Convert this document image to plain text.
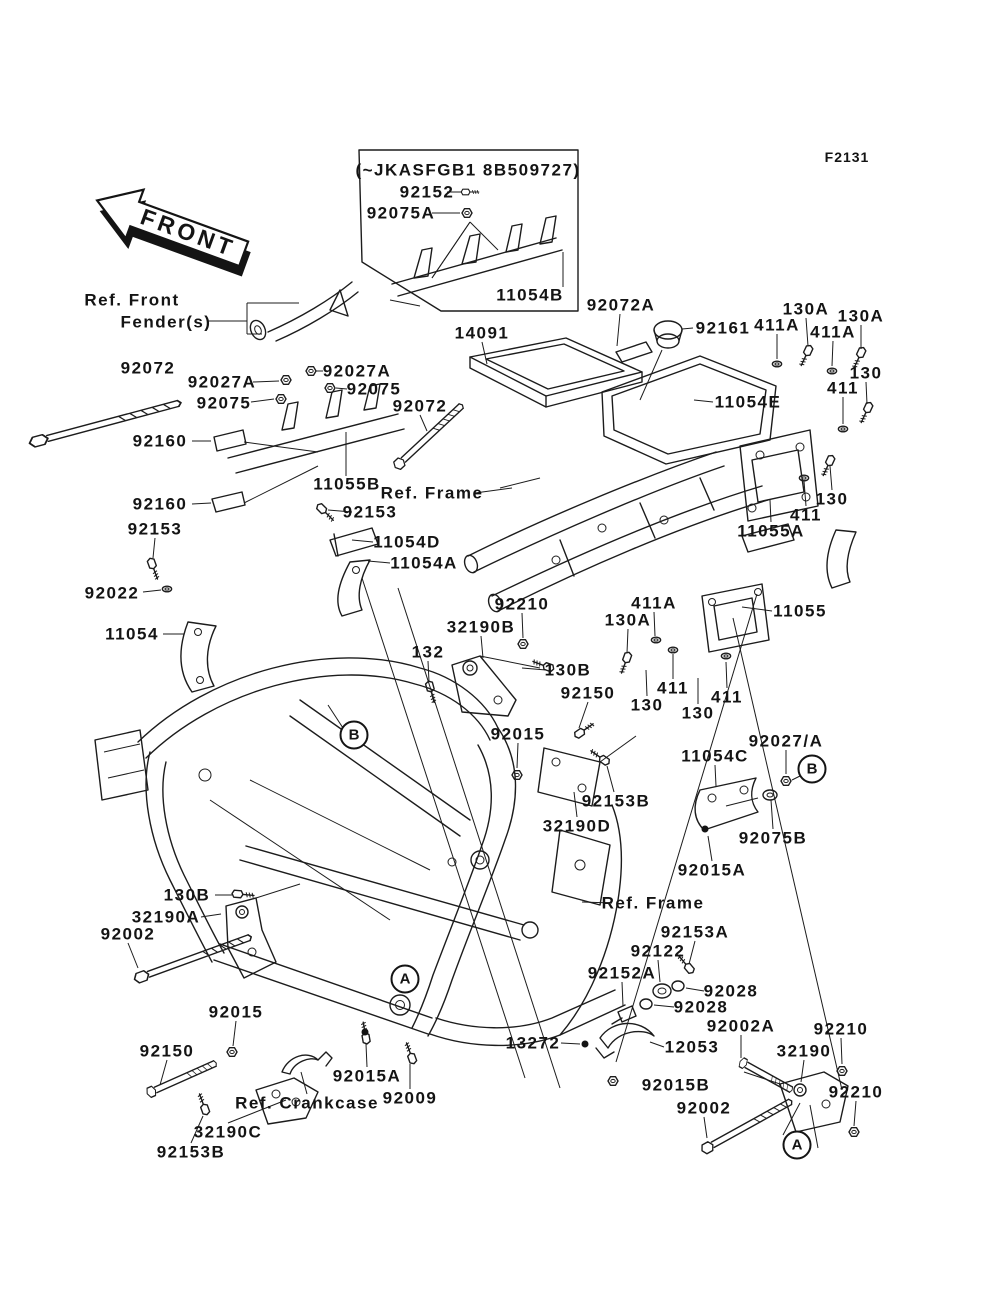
FRONT
(~JKASFGB1 8B509727)
92152
92075A
11054B
F2131
Ref. Front
Fender(s)
92072
92027A
92075
92027A
92075
92160
92160
92153
92022
11054
11055B Ref. Frame
92153
11054D
11054A
14091
92072
92072A
92161 411A
130A
411A
130A
411
130
11054E
130
411
11055A
11055
411A
130A
92210
32190B
132
130B
92150 411
130	411
130
92015	92027/A
11054C
92075B
92153B
32190D
92015A
Ref. Frame
92153A
92122
92152A
92028
92028
92002A
13272	12053
130B
32190A
92002
92015
92150
92015A
92009
Ref. Crankcase
32190C
92153B
92210
32190
92015B	92210
92002
B
B
A
A
